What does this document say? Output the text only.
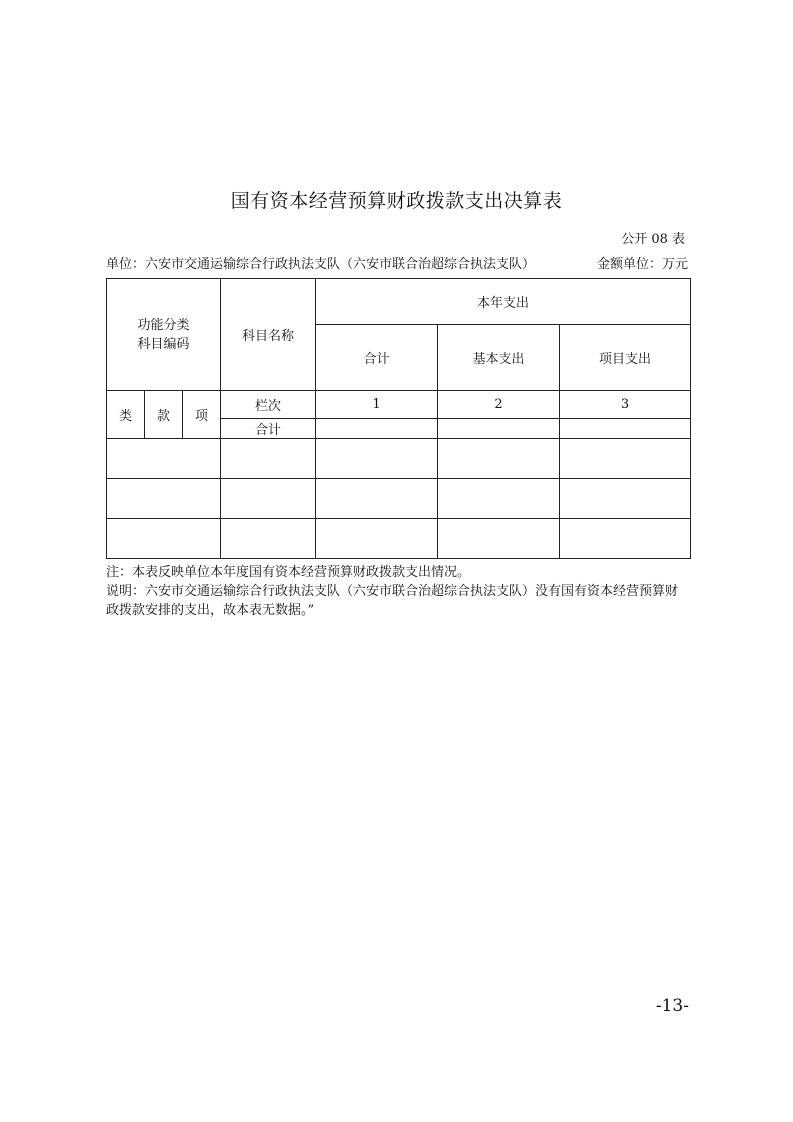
国有资本经营预算财政拨款支出决算表
公开 08 表
单位：六安市交通运输综合行政执法支队（六安市联合治超综合执法支队）	金额单位：万元
功能分类
科目编码			科目名称	本年支出		
				合计	基本支出	项目支出
类	款	项	栏次	1	2	3
			合计			

注：本表反映单位本年度国有资本经营预算财政拨款支出情况。

说明：六安市交通运输综合行政执法支队（六安市联合治超综合执法支队）没有国有资本经营预算财政拨款安排的支出，故本表无数据。”

-13-
